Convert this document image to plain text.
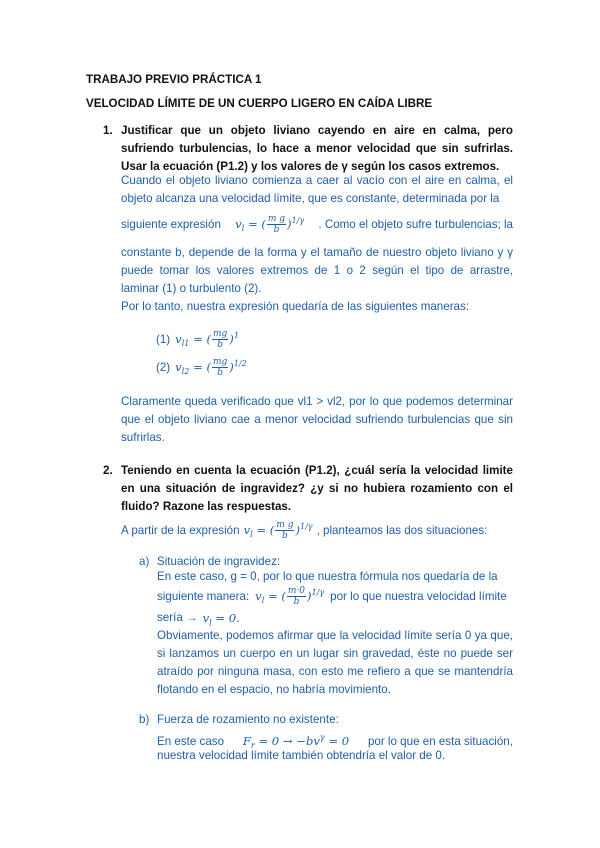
TRABAJO PREVIO PRÁCTICA 1
VELOCIDAD LÍMITE DE UN CUERPO LIGERO EN CAÍDA LIBRE
1. Justificar que un objeto liviano cayendo en aire en calma, pero sufriendo turbulencias, lo hace a menor velocidad que sin sufrirlas. Usar la ecuación (P1.2) y los valores de γ según los casos extremos.
Cuando el objeto liviano comienza a caer al vacío con el aire en calma, el objeto alcanza una velocidad límite, que es constante, determinada por la
siguiente expresión $v_l$ = ( $\frac{\text{m g}}{b} )^{1/\gamma}$ . Como el objeto sufre turbulencias; la
constante b, depende de la forma y el tamaño de nuestro objeto liviano y γ puede tomar los valores extremos de 1 o 2 según el tipo de arrastre, laminar (1) o turbulento (2).
Por lo tanto, nuestra expresión quedaría de las siguientes maneras:
(1) $v_{l1}$ = ( $\frac{mg}{b} )^1$
(2) $v_{l2}$ = ( $\frac{mg}{b} )^{1/2}$
Claramente queda verificado que vl1 > vl2, por lo que podemos determinar que el objeto liviano cae a menor velocidad sufriendo turbulencias que sin sufrirlas.
2. Teniendo en cuenta la ecuación (P1.2), ¿cuál sería la velocidad limite en una situación de ingravidez? ¿y si no hubiera rozamiento con el fluido? Razone las respuestas.
A partir de la expresión $v_l$ = ( $\frac{\text{m g}}{b} )^{1/\gamma}$ , planteamos las dos situaciones:
a) Situación de ingravidez:
En este caso, g = 0, por lo que nuestra fórmula nos quedaría de la
siguiente manera: $v_l$ = ( $\frac{m\cdot 0}{b} )^{1/\gamma}$ por lo que nuestra velocidad límite
sería → $v_l = 0$.
Obviamente, podemos afirmar que la velocidad límite sería 0 ya que, si lanzamos un cuerpo en un lugar sin gravedad, éste no puede ser atraído por ninguna masa, con esto me refiero a que se mantendría flotando en el espacio, no habría movimiento.
b) Fuerza de rozamiento no existente:
En este caso $F_r = 0 \to -bv^\gamma = 0$ por lo que en esta situación,
nuestra velocidad límite también obtendría el valor de 0.
